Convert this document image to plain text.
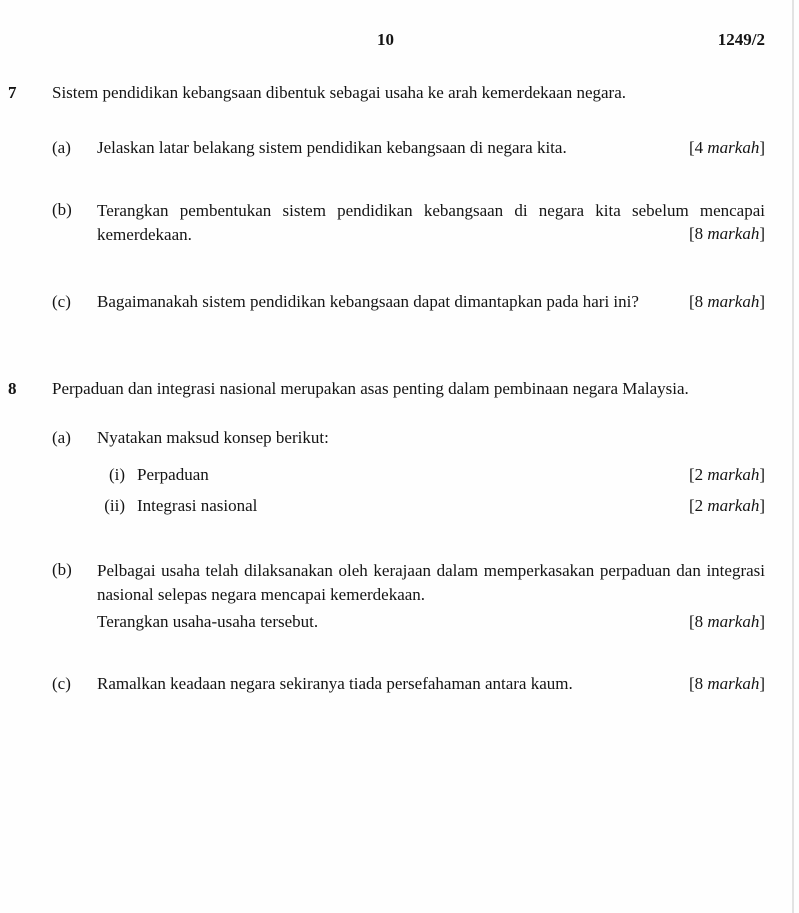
10	1249/2
7 Sistem pendidikan kebangsaan dibentuk sebagai usaha ke arah kemerdekaan negara.
(a) Jelaskan latar belakang sistem pendidikan kebangsaan di negara kita.	[4 markah]
(b) Terangkan pembentukan sistem pendidikan kebangsaan di negara kita sebelum mencapai kemerdekaan.	[8 markah]
(c) Bagaimanakah sistem pendidikan kebangsaan dapat dimantapkan pada hari ini?	[8 markah]
8 Perpaduan dan integrasi nasional merupakan asas penting dalam pembinaan negara Malaysia.
(a) Nyatakan maksud konsep berikut:
(i) Perpaduan	[2 markah]
(ii) Integrasi nasional	[2 markah]
(b) Pelbagai usaha telah dilaksanakan oleh kerajaan dalam memperkasakan perpaduan dan integrasi nasional selepas negara mencapai kemerdekaan.
Terangkan usaha-usaha tersebut.	[8 markah]
(c) Ramalkan keadaan negara sekiranya tiada persefahaman antara kaum.	[8 markah]
